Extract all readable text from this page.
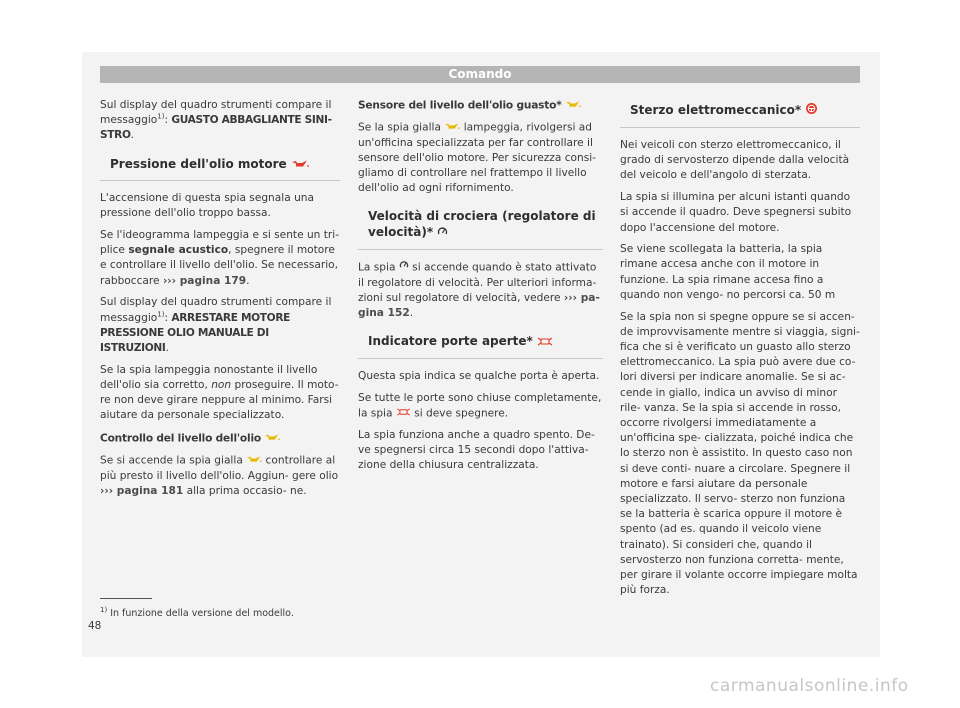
Comando

Sul display del quadro strumenti compare il messaggio$^{1)}$: GUASTO ABBAGLIANTE SINI- STRO.

Pressione dell'olio motore

L'accensione di questa spia segnala una pressione dell'olio troppo bassa.

Se l'ideogramma lampeggia e si sente un tri- plice segnale acustico, spegnere il motore e controllare il livello dell'olio. Se necessario, rabboccare ››› pagina 179.

Sul display del quadro strumenti compare il messaggio$^{1)}$: ARRESTARE MOTORE PRESSIONE OLIO MANUALE DI ISTRUZIONI.

Se la spia lampeggia nonostante il livello dell'olio sia corretto, non proseguire. Il moto- re non deve girare neppure al minimo. Farsi aiutare da personale specializzato.

Controllo del livello dell'olio

Se si accende la spia gialla  controllare al più presto il livello dell'olio. Aggiun- gere olio ››› pagina 181 alla prima occasio- ne.

Sensore del livello dell'olio guasto*

Se la spia gialla  lampeggia, rivolgersi ad un'officina specializzata per far controllare il sensore dell'olio motore. Per sicurezza consi- gliamo di controllare nel frattempo il livello dell'olio ad ogni rifornimento.

Velocità di crociera (regolatore di velocità)*

La spia  si accende quando è stato attivato il regolatore di velocità. Per ulteriori informa- zioni sul regolatore di velocità, vedere ››› pa- gina 152.

Indicatore porte aperte*

Questa spia indica se qualche porta è aperta.

Se tutte le porte sono chiuse completamente, la spia  si deve spegnere.

La spia funziona anche a quadro spento. De- ve spegnersi circa 15 secondi dopo l'attiva- zione della chiusura centralizzata.

Sterzo elettromeccanico*

Nei veicoli con sterzo elettromeccanico, il grado di servosterzo dipende dalla velocità del veicolo e dell'angolo di sterzata.

La spia si illumina per alcuni istanti quando si accende il quadro. Deve spegnersi subito dopo l'accensione del motore.

Se viene scollegata la batteria, la spia rimane accesa anche con il motore in funzione. La spia rimane accesa fino a quando non vengo- no percorsi ca. 50 m

Se la spia non si spegne oppure se si accen- de improvvisamente mentre si viaggia, signi- fica che si è verificato un guasto allo sterzo elettromeccanico. La spia può avere due co- lori diversi per indicare anomalie. Se si ac- cende in giallo, indica un avviso di minor rile- vanza. Se la spia si accende in rosso, occorre rivolgersi immediatamente a un'officina spe- cializzata, poiché indica che lo sterzo non è assistito. In questo caso non si deve conti- nuare a circolare. Spegnere il motore e farsi aiutare da personale specializzato. Il servo- sterzo non funziona se la batteria è scarica oppure il motore è spento (ad es. quando il veicolo viene trainato). Si consideri che, quando il servosterzo non funziona corretta- mente, per girare il volante occorre impiegare molta più forza.

$^{1)}$ In funzione della versione del modello.
48
carmanualsonline.info
